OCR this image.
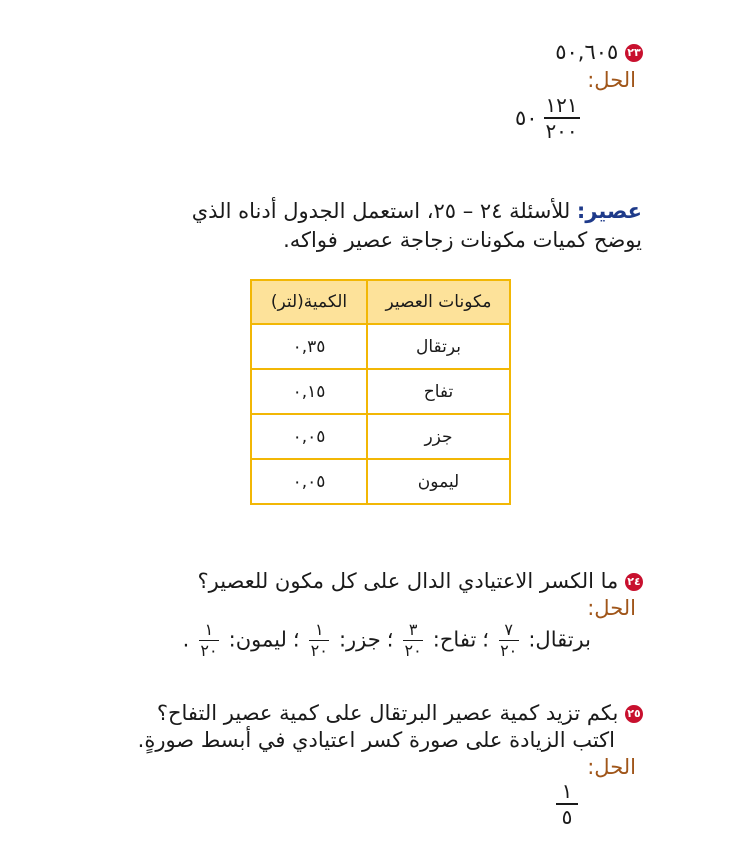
٢٣ ٥٠,٦٠٥
الحل:
٥٠
١٢١
٢٠٠
عصير: للأسئلة ٢٤ – ٢٥، استعمل الجدول أدناه الذي
يوضح كميات مكونات زجاجة عصير فواكه.
مكونات العصير	الكمية(لتر)
برتقال	٠,٣٥
تفاح	٠,١٥
جزر	٠,٠٥
ليمون	٠,٠٥
٢٤ ما الكسر الاعتيادي الدال على كل مكون للعصير؟
الحل:
برتقال:
$\frac{٧}{٢٠}$
؛
تفاح:
$\frac{٣}{٢٠}$
؛
جزر:
$\frac{١}{٢٠}$
؛
ليمون:
$\frac{١}{٢٠}$
.
٢٥ بكم تزيد كمية عصير البرتقال على كمية عصير التفاح؟
اكتب الزيادة على صورة كسر اعتيادي في أبسط صورةٍ.
الحل:
١
٥
